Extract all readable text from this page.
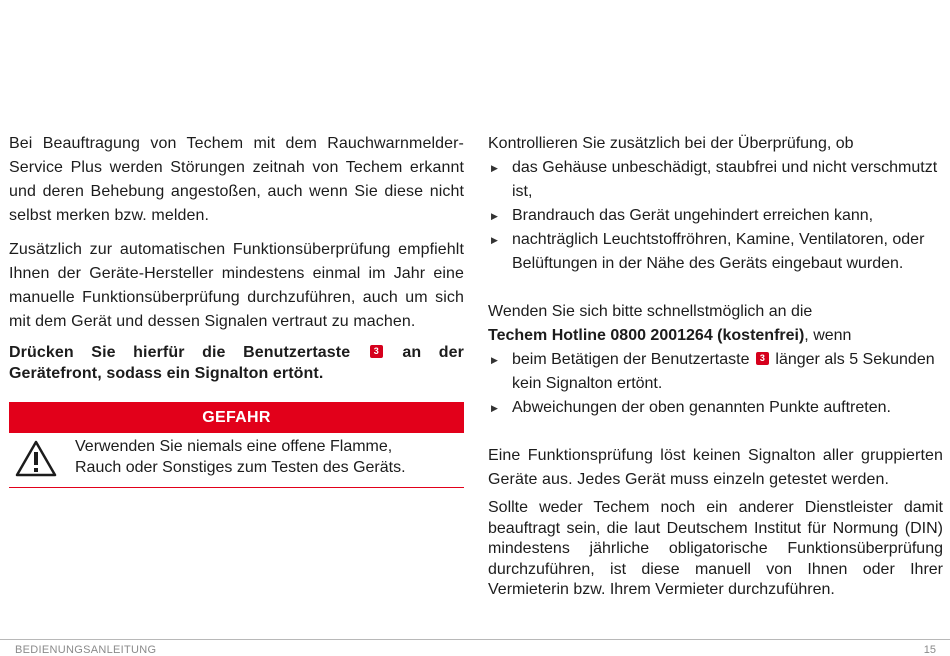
Bei Beauftragung von Techem mit dem Rauchwarnmelder-Service Plus werden Störungen zeitnah von Techem erkannt und deren Behebung angestoßen, auch wenn Sie diese nicht selbst merken bzw. melden.

Zusätzlich zur automatischen Funktionsüberprüfung empfiehlt Ihnen der Geräte-Hersteller mindestens einmal im Jahr eine manuelle Funktionsüberprüfung durchzuführen, auch um sich mit dem Gerät und dessen Signalen vertraut zu machen.

Drücken Sie hierfür die Benutzertaste	3 an der Gerätefront, sodass ein Signalton ertönt.

GEFAHR
Verwenden Sie niemals eine offene Flamme,
Rauch oder Sonstiges zum Testen des Geräts.

Kontrollieren Sie zusätzlich bei der Überprüfung, ob

▶ das Gehäuse unbeschädigt, staubfrei und nicht verschmutzt ist,
▶ Brandrauch das Gerät ungehindert erreichen kann,
▶ nachträglich Leuchtstoffröhren, Kamine, Ventilatoren, oder Belüftungen in der Nähe des Geräts eingebaut wurden.

Wenden Sie sich bitte schnellstmöglich an die

Techem Hotline 0800 2001264 (kostenfrei), wenn

▶ beim Betätigen der Benutzertaste 3 länger als 5 Sekunden kein Signalton ertönt.
▶ Abweichungen der oben genannten Punkte auftreten.

Eine Funktionsprüfung löst keinen Signalton aller gruppierten Geräte aus. Jedes Gerät muss einzeln getestet werden.

Sollte weder Techem noch ein anderer Dienstleister damit beauftragt sein, die laut Deutschem Institut für Normung (DIN) mindestens jährliche obligatorische Funktionsüberprüfung durchzuführen, ist diese manuell von Ihnen oder Ihrer Vermieterin bzw. Ihrem Vermieter durchzuführen.

BEDIENUNGSANLEITUNG	15
